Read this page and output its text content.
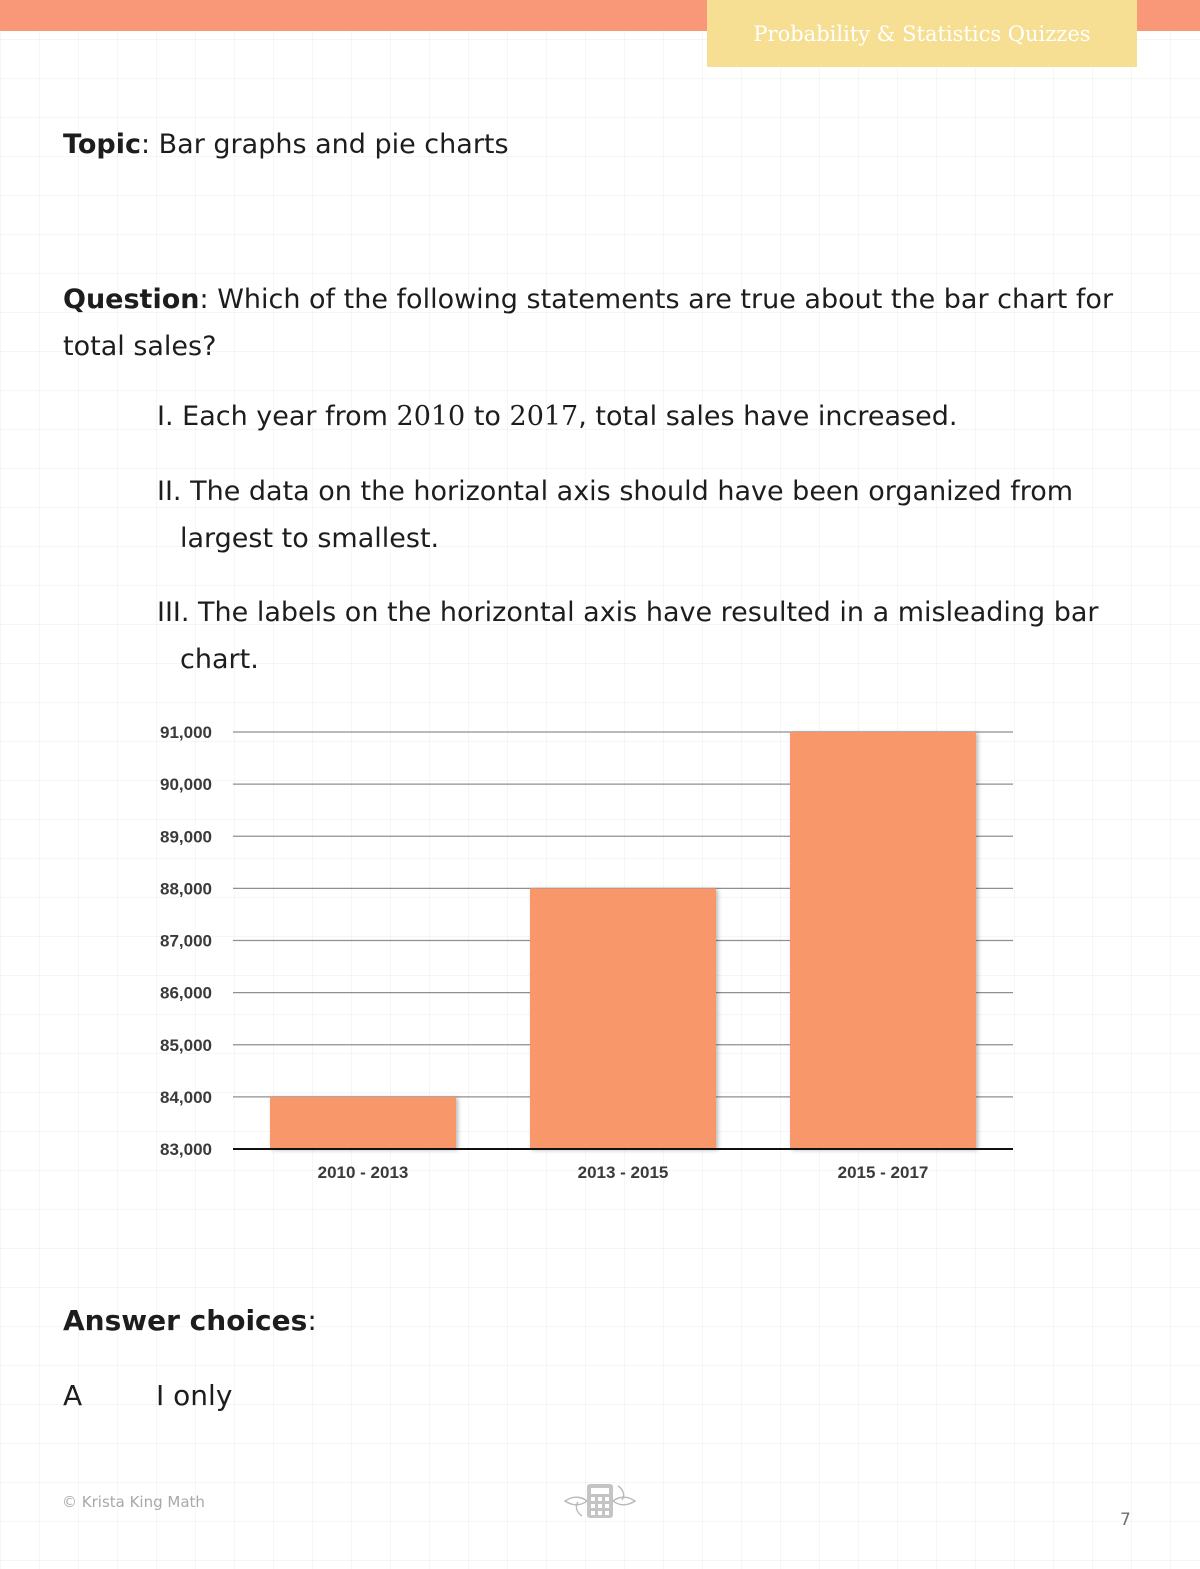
Probability & Statistics Quizzes
Topic: Bar graphs and pie charts
Question: Which of the following statements are true about the bar chart for total sales?
I. Each year from 2010 to 2017, total sales have increased.
II. The data on the horizontal axis should have been organized from
largest to smallest.
III. The labels on the horizontal axis have resulted in a misleading bar
chart.
83,000
84,000
85,000
86,000
87,000
88,000
89,000
90,000
91,000
2010 - 2013	2013 - 2015	2015 - 2017
Answer choices:
A	I only
© Krista King Math
7
